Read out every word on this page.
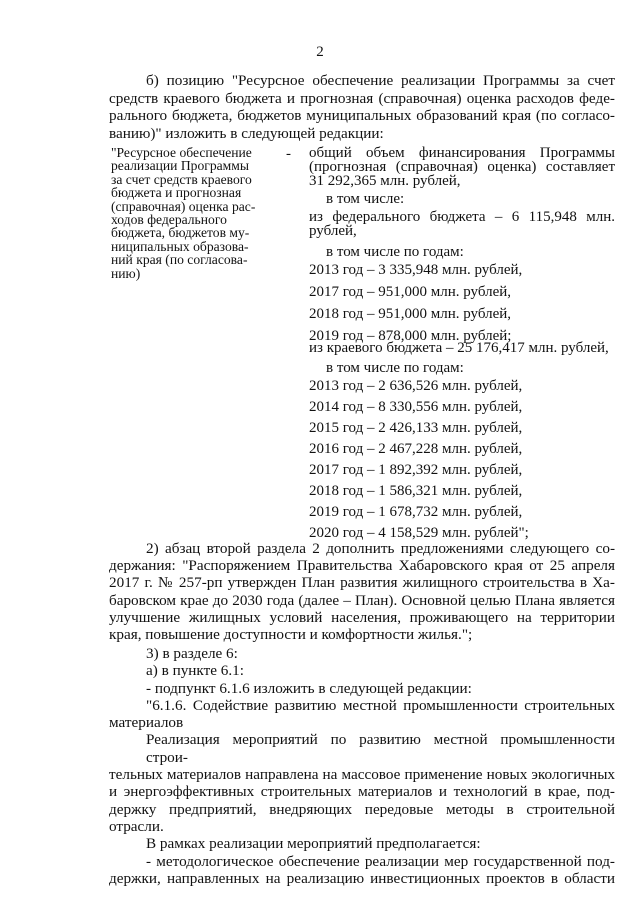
2
б) позицию "Ресурсное обеспечение реализации Программы за счет
средств краевого бюджета и прогнозная (справочная) оценка расходов феде-
рального бюджета, бюджетов муниципальных образований края (по согласо-
ванию)" изложить в следующей редакции:
"Ресурсное обеспечение
реализации Программы
за счет средств краевого
бюджета и прогнозная
(справочная) оценка рас-
ходов федерального
бюджета, бюджетов му-
ниципальных образова-
ний края (по согласова-
нию)
- общий объем финансирования Программы
(прогнозная (справочная) оценка) составляет
31 292,365 млн. рублей,
в том числе:
из федерального бюджета – 6 115,948 млн.
рублей,
в том числе по годам:
2013 год – 3 335,948 млн. рублей,
2017 год – 951,000 млн. рублей,
2018 год – 951,000 млн. рублей,
2019 год – 878,000 млн. рублей;
из краевого бюджета – 25 176,417 млн. рублей,
в том числе по годам:
2013 год – 2 636,526 млн. рублей,
2014 год – 8 330,556 млн. рублей,
2015 год – 2 426,133 млн. рублей,
2016 год – 2 467,228 млн. рублей,
2017 год – 1 892,392 млн. рублей,
2018 год – 1 586,321 млн. рублей,
2019 год – 1 678,732 млн. рублей,
2020 год – 4 158,529 млн. рублей";
2) абзац второй раздела 2 дополнить предложениями следующего со-
держания: "Распоряжением Правительства Хабаровского края от 25 апреля
2017 г. № 257-рп утвержден План развития жилищного строительства в Ха-
баровском крае до 2030 года (далее – План). Основной целью Плана является
улучшение жилищных условий населения, проживающего на территории
края, повышение доступности и комфортности жилья.";
3) в разделе 6:
а) в пункте 6.1:
- подпункт 6.1.6 изложить в следующей редакции:
"6.1.6. Содействие развитию местной промышленности строительных
материалов
Реализация мероприятий по развитию местной промышленности строи-
тельных материалов направлена на массовое применение новых экологичных
и энергоэффективных строительных материалов и технологий в крае, под-
держку предприятий, внедряющих передовые методы в строительной отрасли.
В рамках реализации мероприятий предполагается:
- методологическое обеспечение реализации мер государственной под-
держки, направленных на реализацию инвестиционных проектов в области
